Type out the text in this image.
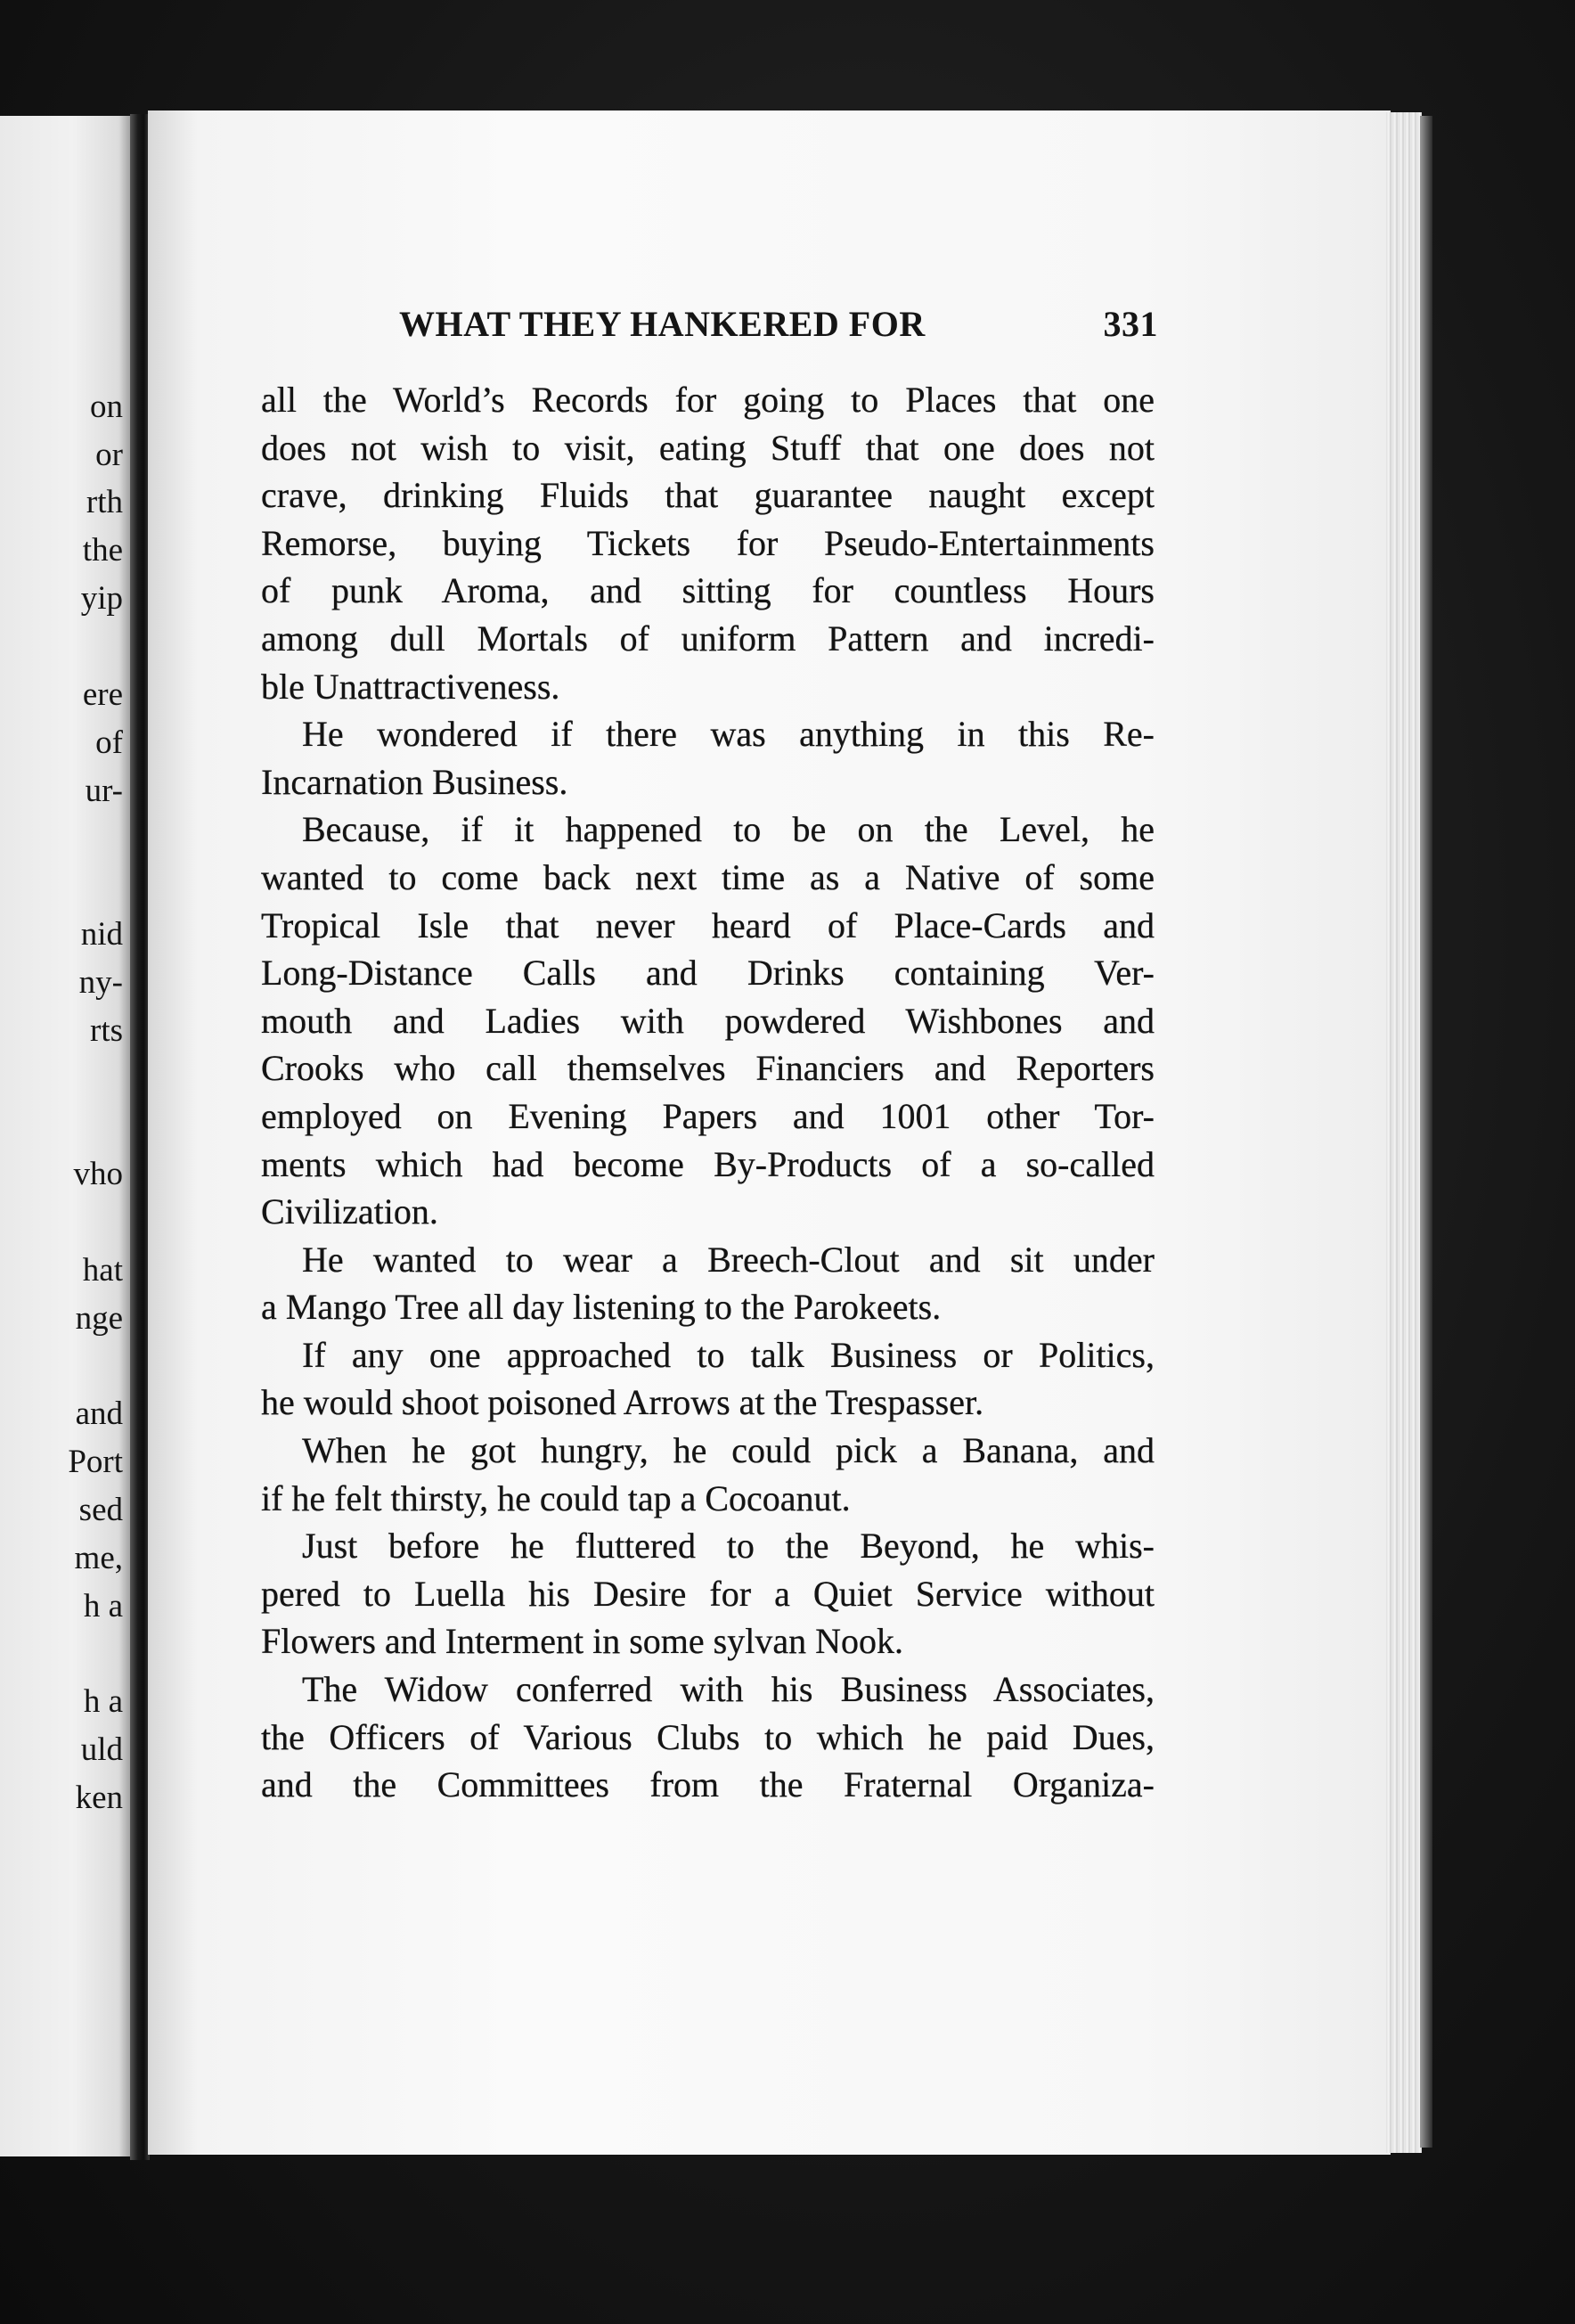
on
or
rth
the
yip
ere
of
ur-
nid
ny-
rts
vho
hat
nge
and
Port
sed
me,
h a
h a
uld
ken
WHAT THEY HANKERED FOR	331
all the World’s Records for going to Places that one
does not wish to visit, eating Stuff that one does not
crave, drinking Fluids that guarantee naught except
Remorse, buying Tickets for Pseudo-Entertainments
of punk Aroma, and sitting for countless Hours
among dull Mortals of uniform Pattern and incredi-
ble Unattractiveness.
He wondered if there was anything in this Re-
Incarnation Business.
Because, if it happened to be on the Level, he
wanted to come back next time as a Native of some
Tropical Isle that never heard of Place-Cards and
Long-Distance Calls and Drinks containing Ver-
mouth and Ladies with powdered Wishbones and
Crooks who call themselves Financiers and Reporters
employed on Evening Papers and 1001 other Tor-
ments which had become By-Products of a so-called
Civilization.
He wanted to wear a Breech-Clout and sit under
a Mango Tree all day listening to the Parokeets.
If any one approached to talk Business or Politics,
he would shoot poisoned Arrows at the Trespasser.
When he got hungry, he could pick a Banana, and
if he felt thirsty, he could tap a Cocoanut.
Just before he fluttered to the Beyond, he whis-
pered to Luella his Desire for a Quiet Service without
Flowers and Interment in some sylvan Nook.
The Widow conferred with his Business Associates,
the Officers of Various Clubs to which he paid Dues,
and the Committees from the Fraternal Organiza-
